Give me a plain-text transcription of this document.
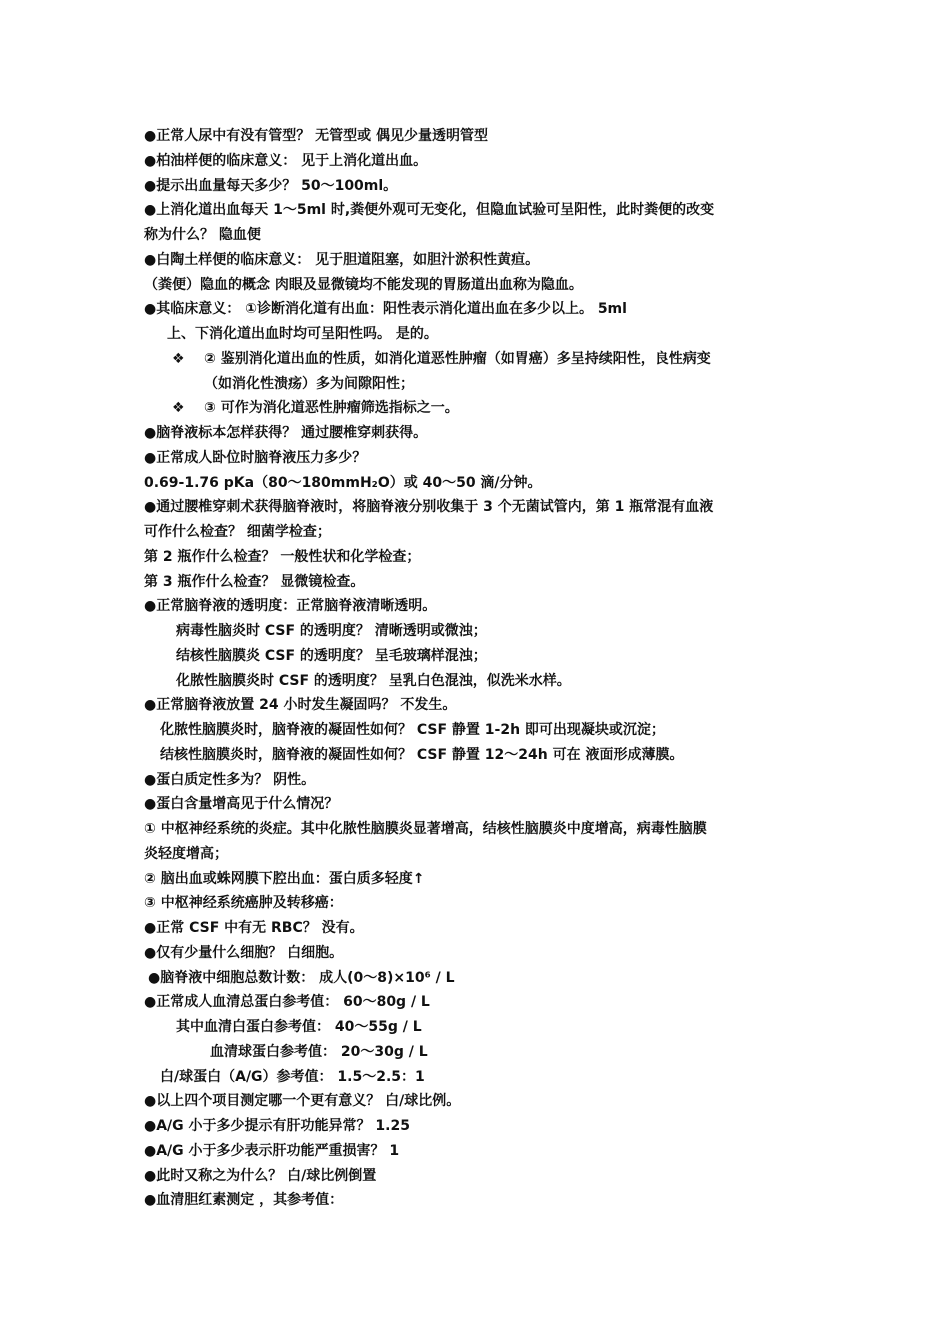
●正常人尿中有没有管型？ 无管型或 偶见少量透明管型
●柏油样便的临床意义： 见于上消化道出血。
●提示出血量每天多少？ 50～100ml。
●上消化道出血每天 1～5ml 时,粪便外观可无变化，但隐血试验可呈阳性，此时粪便的改变
称为什么？ 隐血便
●白陶土样便的临床意义： 见于胆道阻塞，如胆汁淤积性黄疸。
（粪便）隐血的概念 肉眼及显微镜均不能发现的胃肠道出血称为隐血。
●其临床意义： ①诊断消化道有出血：阳性表示消化道出血在多少以上。 5ml
上、下消化道出血时均可呈阳性吗。 是的。
❖ ② 鉴别消化道出血的性质，如消化道恶性肿瘤（如胃癌）多呈持续阳性，良性病变
（如消化性溃疡）多为间隙阳性；
❖ ③ 可作为消化道恶性肿瘤筛选指标之一。
●脑脊液标本怎样获得？ 通过腰椎穿刺获得。
●正常成人卧位时脑脊液压力多少？
0.69-1.76 pKa（80～180mmH₂O）或 40～50 滴/分钟。
●通过腰椎穿刺术获得脑脊液时，将脑脊液分别收集于 3 个无菌试管内，第 1 瓶常混有血液
可作什么检查？ 细菌学检查；
第 2 瓶作什么检查？ 一般性状和化学检查；
第 3 瓶作什么检查？ 显微镜检查。
●正常脑脊液的透明度：正常脑脊液清晰透明。
病毒性脑炎时 CSF 的透明度？ 清晰透明或微浊；
结核性脑膜炎 CSF 的透明度？ 呈毛玻璃样混浊；
化脓性脑膜炎时 CSF 的透明度？ 呈乳白色混浊，似洗米水样。
●正常脑脊液放置 24 小时发生凝固吗？ 不发生。
化脓性脑膜炎时，脑脊液的凝固性如何？ CSF 静置 1-2h 即可出现凝块或沉淀；
结核性脑膜炎时，脑脊液的凝固性如何？ CSF 静置 12～24h 可在 液面形成薄膜。
●蛋白质定性多为？ 阴性。
●蛋白含量增高见于什么情况？
① 中枢神经系统的炎症。其中化脓性脑膜炎显著增高，结核性脑膜炎中度增高，病毒性脑膜
炎轻度增高；
② 脑出血或蛛网膜下腔出血：蛋白质多轻度↑
③ 中枢神经系统癌肿及转移癌：
●正常 CSF 中有无 RBC？ 没有。
●仅有少量什么细胞？ 白细胞。
●脑脊液中细胞总数计数： 成人(0～8)×10⁶ / L
●正常成人血清总蛋白参考值： 60～80g / L
其中血清白蛋白参考值： 40～55g / L
血清球蛋白参考值： 20～30g / L
白/球蛋白（A/G）参考值： 1.5～2.5：1
●以上四个项目测定哪一个更有意义？ 白/球比例。
●A/G 小于多少提示有肝功能异常？ 1.25
●A/G 小于多少表示肝功能严重损害？ 1
●此时又称之为什么？ 白/球比例倒置
●血清胆红素测定 ，其参考值：
